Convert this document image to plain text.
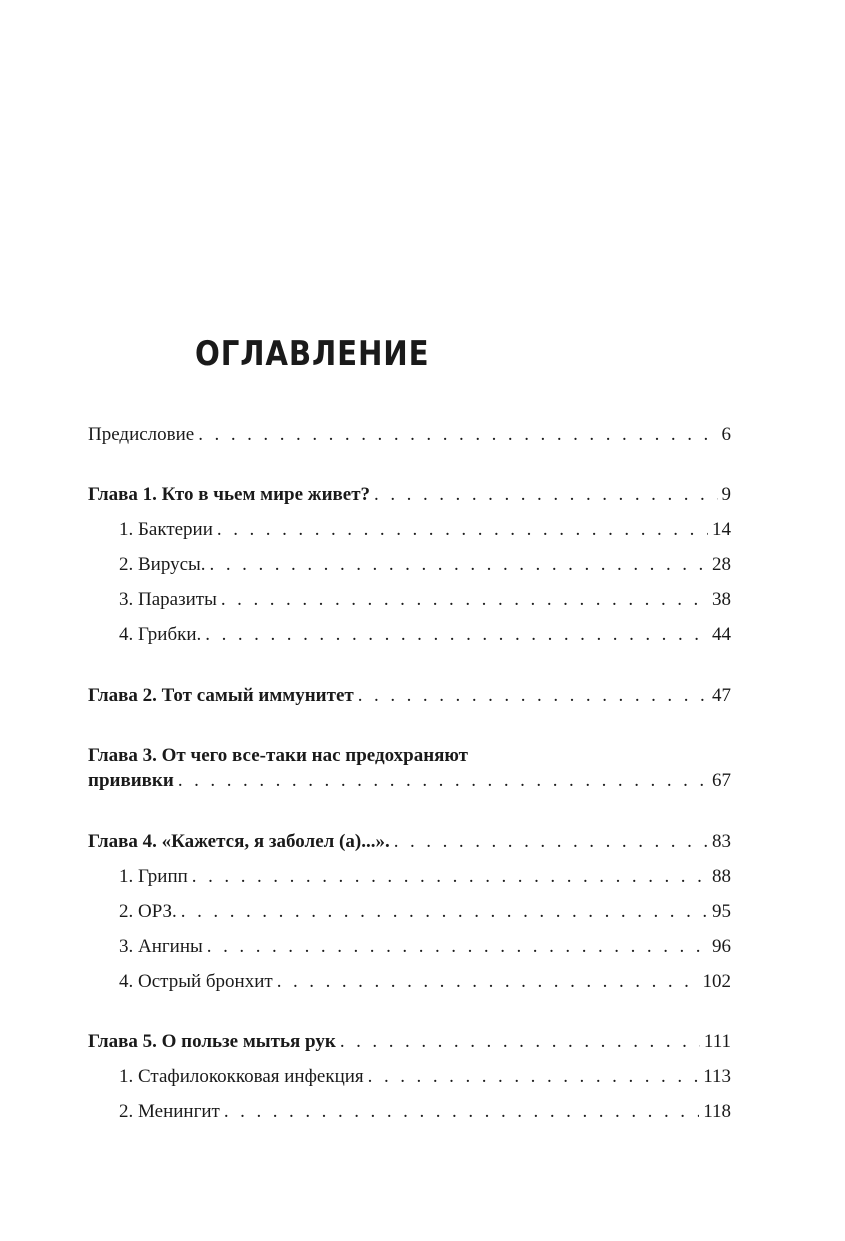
ОГЛАВЛЕНИЕ
Предисловие . . .	6
Глава 1. Кто в чьем мире живет? . . .	9
1. Бактерии . . .	14
2. Вирусы. . . .	28
3. Паразиты . . .	38
4. Грибки. . . .	44
Глава 2. Тот самый иммунитет . . .	47
Глава 3. От чего все-таки нас предохраняют
прививки . . .	67
Глава 4. «Кажется, я заболел (а)...». . . .	83
1. Грипп . . .	88
2. ОРЗ. . . .	95
3. Ангины . . .	96
4. Острый бронхит . . .	102
Глава 5. О пользе мытья рук . . .	111
1. Стафилококковая инфекция . . .	113
2. Менингит . . .	118
